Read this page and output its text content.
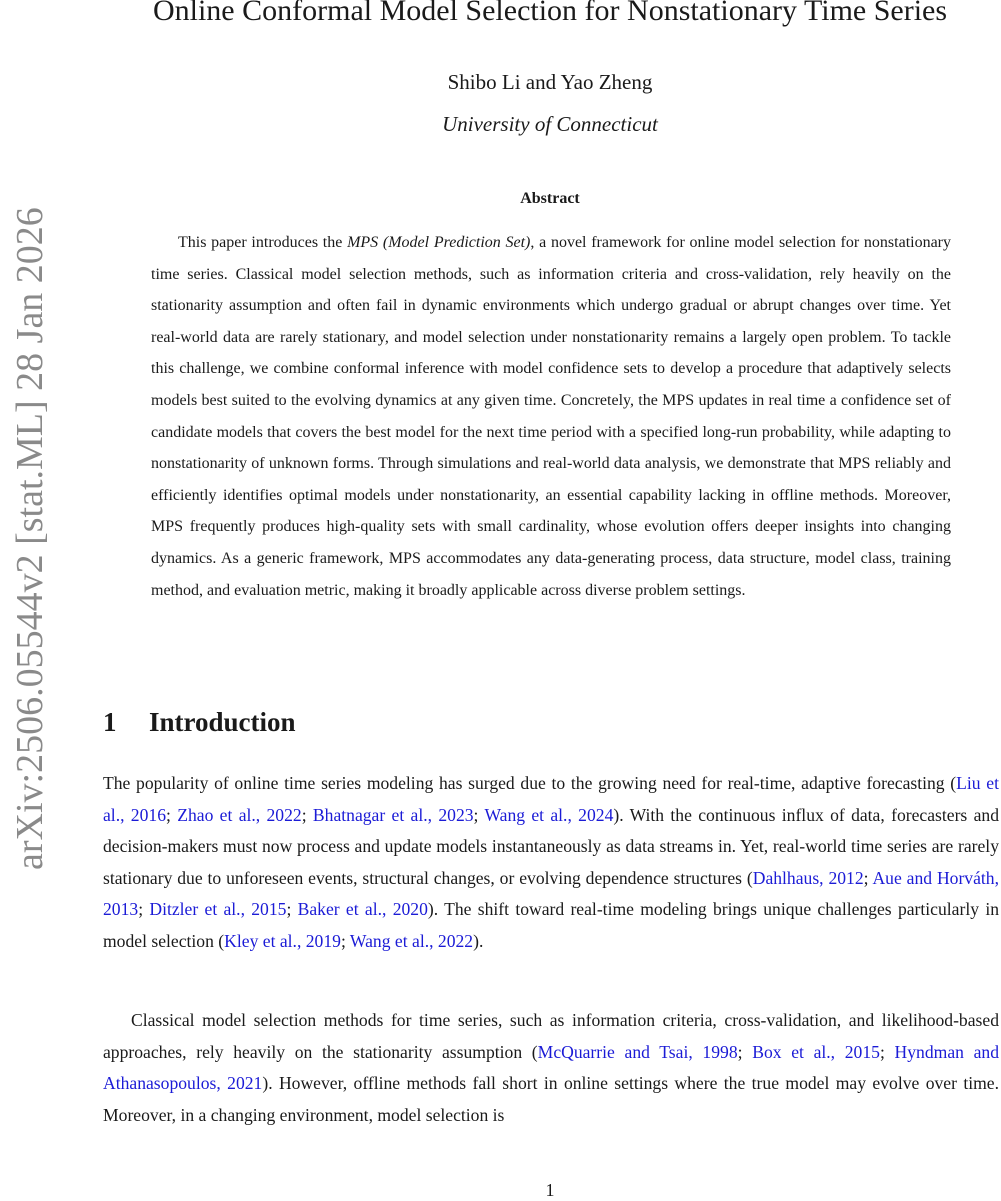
arXiv:2506.05544v2 [stat.ML] 28 Jan 2026
Online Conformal Model Selection for Nonstationary Time Series
Shibo Li and Yao Zheng
University of Connecticut
Abstract

This paper introduces the MPS (Model Prediction Set), a novel framework for online model selection for nonstationary time series. Classical model selection methods, such as information criteria and cross-validation, rely heavily on the stationarity assumption and often fail in dynamic environments which undergo gradual or abrupt changes over time. Yet real-world data are rarely stationary, and model selection under nonstationarity remains a largely open problem. To tackle this challenge, we combine conformal inference with model confidence sets to develop a procedure that adaptively selects models best suited to the evolving dynamics at any given time. Concretely, the MPS updates in real time a confidence set of candidate models that covers the best model for the next time period with a specified long-run probability, while adapting to nonstationarity of unknown forms. Through simulations and real-world data analysis, we demonstrate that MPS reliably and efficiently identifies optimal models under nonstationarity, an essential capability lacking in offline methods. Moreover, MPS frequently produces high-quality sets with small cardinality, whose evolution offers deeper insights into changing dynamics. As a generic framework, MPS accommodates any data-generating process, data structure, model class, training method, and evaluation metric, making it broadly applicable across diverse problem settings.

1 Introduction

The popularity of online time series modeling has surged due to the growing need for real-time, adaptive forecasting (Liu et al., 2016; Zhao et al., 2022; Bhatnagar et al., 2023; Wang et al., 2024). With the continuous influx of data, forecasters and decision-makers must now process and update models instantaneously as data streams in. Yet, real-world time series are rarely stationary due to unforeseen events, structural changes, or evolving dependence structures (Dahlhaus, 2012; Aue and Horváth, 2013; Ditzler et al., 2015; Baker et al., 2020). The shift toward real-time modeling brings unique challenges particularly in model selection (Kley et al., 2019; Wang et al., 2022).

Classical model selection methods for time series, such as information criteria, cross-validation, and likelihood-based approaches, rely heavily on the stationarity assumption (McQuarrie and Tsai, 1998; Box et al., 2015; Hyndman and Athanasopoulos, 2021). However, offline methods fall short in online settings where the true model may evolve over time. Moreover, in a changing environment, model selection is

1
